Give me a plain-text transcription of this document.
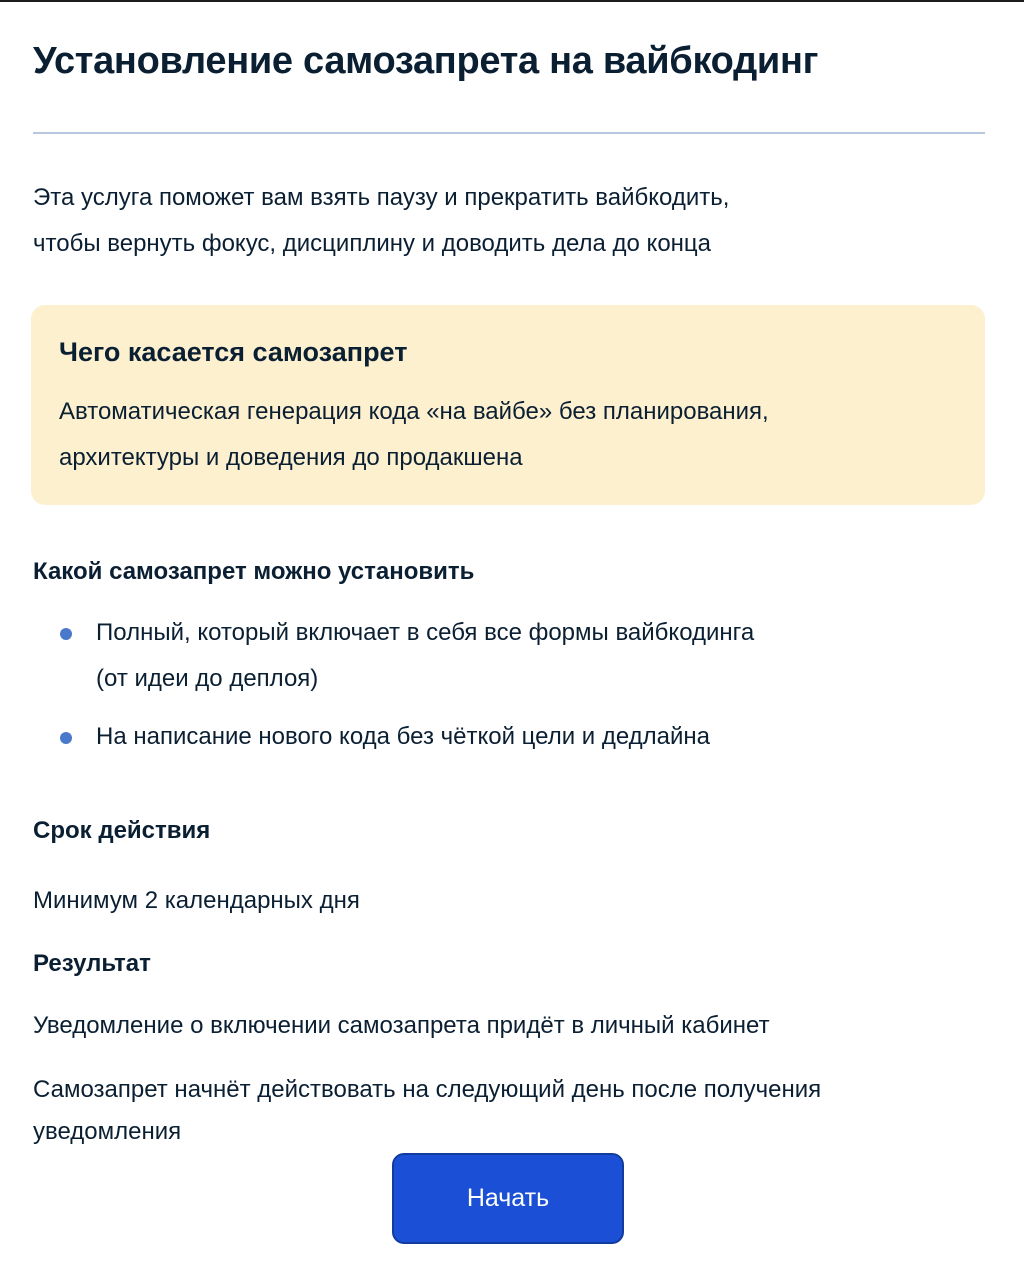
Установление самозапрета на вайбкодинг
Эта услуга поможет вам взять паузу и прекратить вайбкодить,
чтобы вернуть фокус, дисциплину и доводить дела до конца
Чего касается самозапрет
Автоматическая генерация кода «на вайбе» без планирования,
архитектуры и доведения до продакшена
Какой самозапрет можно установить
Полный, который включает в себя все формы вайбкодинга
(от идеи до деплоя)
На написание нового кода без чёткой цели и дедлайна
Срок действия
Минимум 2 календарных дня
Результат
Уведомление о включении самозапрета придёт в личный кабинет
Самозапрет начнёт действовать на следующий день после получения
уведомления
Начать
